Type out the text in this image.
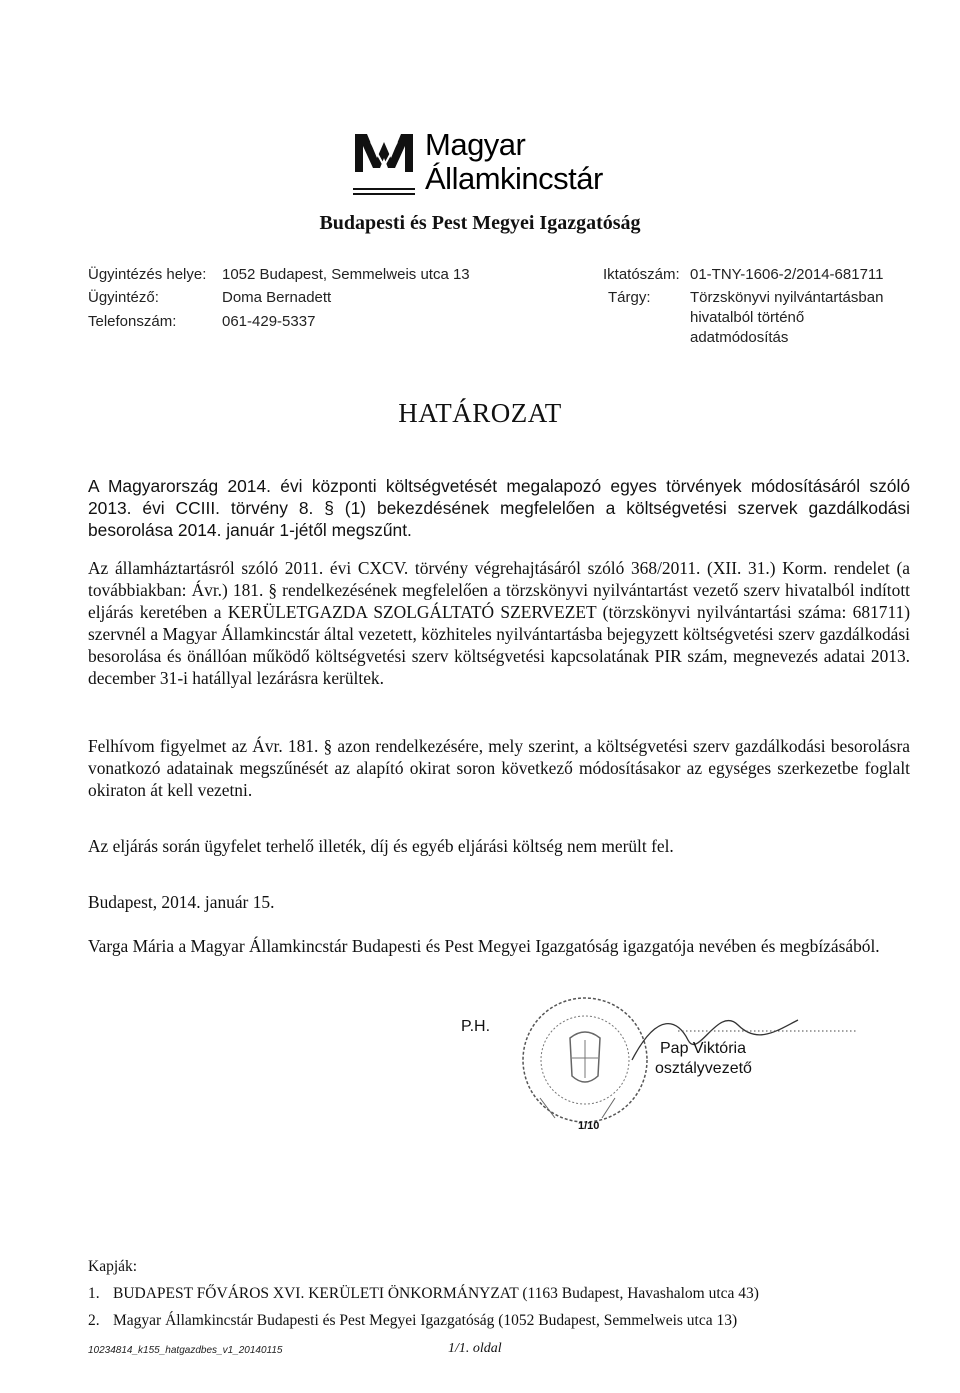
Magyar
Államkincstár
Budapesti és Pest Megyei Igazgatóság
Ügyintézés helye: 1052 Budapest, Semmelweis utca 13
Ügyintéző:	Doma Bernadett
Telefonszám:	061-429-5337
Iktatószám: 01-TNY-1606-2/2014-681711
Tárgy:	Törzskönyvi nyilvántartásban
hivatalból történő
adatmódosítás
HATÁROZAT
A Magyarország 2014. évi központi költségvetését megalapozó egyes törvények módosításáról szóló 2013. évi CCIII. törvény 8. § (1) bekezdésének megfelelően a költségvetési szervek gazdálkodási besorolása 2014. január 1-jétől megszűnt.
Az államháztartásról szóló 2011. évi CXCV. törvény végrehajtásáról szóló 368/2011. (XII. 31.) Korm. rendelet (a továbbiakban: Ávr.) 181. § rendelkezésének megfelelően a törzskönyvi nyilvántartást vezető szerv hivatalból indított eljárás keretében a KERÜLETGAZDA SZOLGÁLTATÓ SZERVEZET (törzskönyvi nyilvántartási száma: 681711) szervnél a Magyar Államkincstár által vezetett, közhiteles nyilvántartásba bejegyzett költségvetési szerv gazdálkodási besorolása és önállóan működő költségvetési szerv költségvetési kapcsolatának PIR szám, megnevezés adatai 2013. december 31-i hatállyal lezárásra kerültek.
Felhívom figyelmet az Ávr. 181. § azon rendelkezésére, mely szerint, a költségvetési szerv gazdálkodási besorolásra vonatkozó adatainak megszűnését az alapító okirat soron következő módosításakor az egységes szerkezetbe foglalt okiraton át kell vezetni.
Az eljárás során ügyfelet terhelő illeték, díj és egyéb eljárási költség nem merült fel.
Budapest, 2014. január 15.
Varga Mária a Magyar Államkincstár Budapesti és Pest Megyei Igazgatóság igazgatója nevében és megbízásából.
P.H.
Pap Viktória
osztályvezető
1/10
Kapják:
1. BUDAPEST FŐVÁROS XVI. KERÜLETI ÖNKORMÁNYZAT (1163 Budapest, Havashalom utca 43)
2. Magyar Államkincstár Budapesti és Pest Megyei Igazgatóság (1052 Budapest, Semmelweis utca 13)
10234814_k155_hatgazdbes_v1_20140115	1/1. oldal
